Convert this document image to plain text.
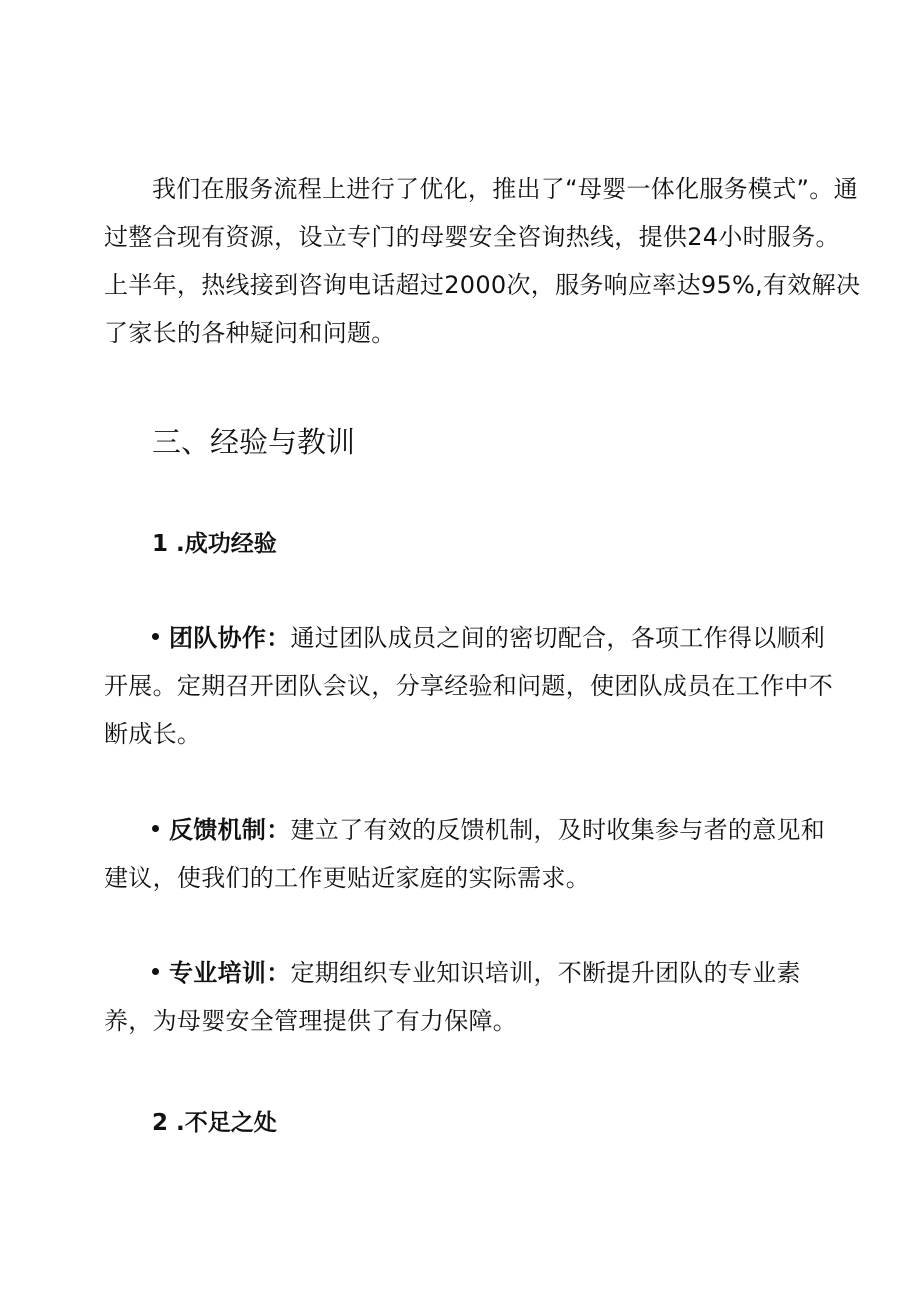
我们在服务流程上进行了优化，推出了“母婴一体化服务模式”。通
过整合现有资源，设立专门的母婴安全咨询热线，提供24小时服务。
上半年，热线接到咨询电话超过2000次，服务响应率达95%,有效解决
了家长的各种疑问和问题。
三、经验与教训
1 .成功经验
团队协作：通过团队成员之间的密切配合，各项工作得以顺利
开展。定期召开团队会议，分享经验和问题，使团队成员在工作中不
断成长。
反馈机制：建立了有效的反馈机制，及时收集参与者的意见和
建议，使我们的工作更贴近家庭的实际需求。
专业培训：定期组织专业知识培训，不断提升团队的专业素
养，为母婴安全管理提供了有力保障。
2 .不足之处
